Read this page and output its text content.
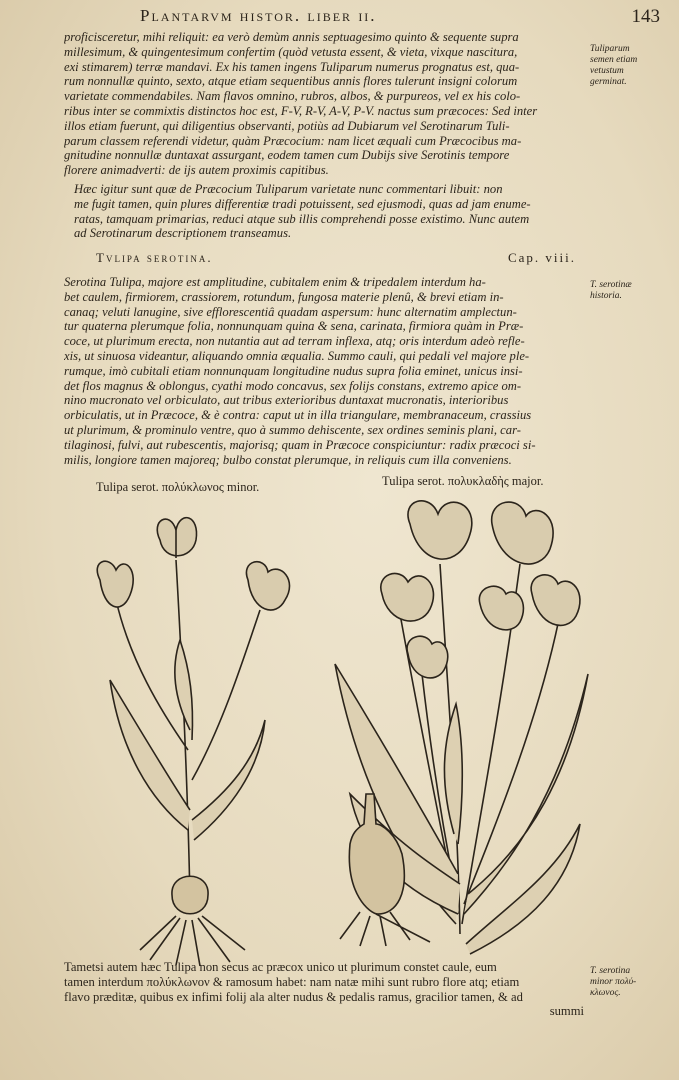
Plantarvm histor. liber ii.	143
proficisceretur, mihi reliquit: ea verò demùm annis septuagesimo quinto & sequente supra
millesimum, & quingentesimum confertim (quòd vetusta essent, & vieta, vixque nascitura,
exi stimarem) terræ mandavi. Ex his tamen ingens Tuliparum numerus prognatus est, qua-
rum nonnullæ quinto, sexto, atque etiam sequentibus annis flores tulerunt insigni colorum
varietate commendabiles. Nam flavos omnino, rubros, albos, & purpureos, vel ex his colo-
ribus inter se commixtis distinctos hoc est, F-V, R-V, A-V, P-V. nactus sum præcoces: Sed inter
illos etiam fuerunt, qui diligentius observanti, potiùs ad Dubiarum vel Serotinarum Tuli-
parum classem referendi videtur, quàm Præcocium: nam licet æquali cum Præcocibus ma-
gnitudine nonnullæ duntaxat assurgant, eodem tamen cum Dubijs sive Serotinis tempore
florere animadverti: de ijs autem proximis capitibus.
Hæc igitur sunt quæ de Præcocium Tuliparum varietate nunc commentari libuit: non
me fugit tamen, quin plures differentiæ tradi potuissent, sed ejusmodi, quas ad jam enume-
ratas, tamquam primarias, reduci atque sub illis comprehendi posse existimo. Nunc autem
ad Serotinarum descriptionem transeamus.
Tvlipa serotina.	Cap. viii.
Serotina Tulipa, majore est amplitudine, cubitalem enim & tripedalem interdum ha-
bet caulem, firmiorem, crassiorem, rotundum, fungosa materie plenû, & brevi etiam in-
canaq; veluti lanugine, sive efflorescentiâ quadam aspersum: hunc alternatim amplectun-
tur quaterna plerumque folia, nonnunquam quina & sena, carinata, firmiora quàm in Præ-
coce, ut plurimum erecta, non nutantia aut ad terram inflexa, atq; oris interdum adeò refle-
xis, ut sinuosa videantur, aliquando omnia æqualia. Summo cauli, qui pedali vel majore ple-
rumque, imò cubitali etiam nonnunquam longitudine nudus supra folia eminet, unicus insi-
det flos magnus & oblongus, cyathi modo concavus, sex folijs constans, extremo apice om-
nino mucronato vel orbiculato, aut tribus exterioribus duntaxat mucronatis, interioribus
orbiculatis, ut in Præcoce, & è contra: caput ut in illa triangulare, membranaceum, crassius
ut plurimum, & prominulo ventre, quo à summo dehiscente, sex ordines seminis plani, car-
tilaginosi, fulvi, aut rubescentis, majorisq; quam in Præcoce conspiciuntur: radix præcoci si-
milis, longiore tamen majoreq; bulbo constat plerumque, in reliquis cum illa conveniens.
Tuliparum
semen etiam
vetustum
germinat.
T. serotinæ
historia.
T. serotina
minor πολύ-
κλωνος.
Tulipa serot. πολύκλωνος minor.	Tulipa serot. πολυκλαδὴς major.
Tametsi autem hæc Tulipa non secus ac præcox unico ut plurimum constet caule, eum
tamen interdum πολύκλωνον & ramosum habet: nam natæ mihi sunt rubro flore atq; etiam
flavo præditæ, quibus ex infimi folij ala alter nudus & pedalis ramus, gracilior tamen, & ad
summi
